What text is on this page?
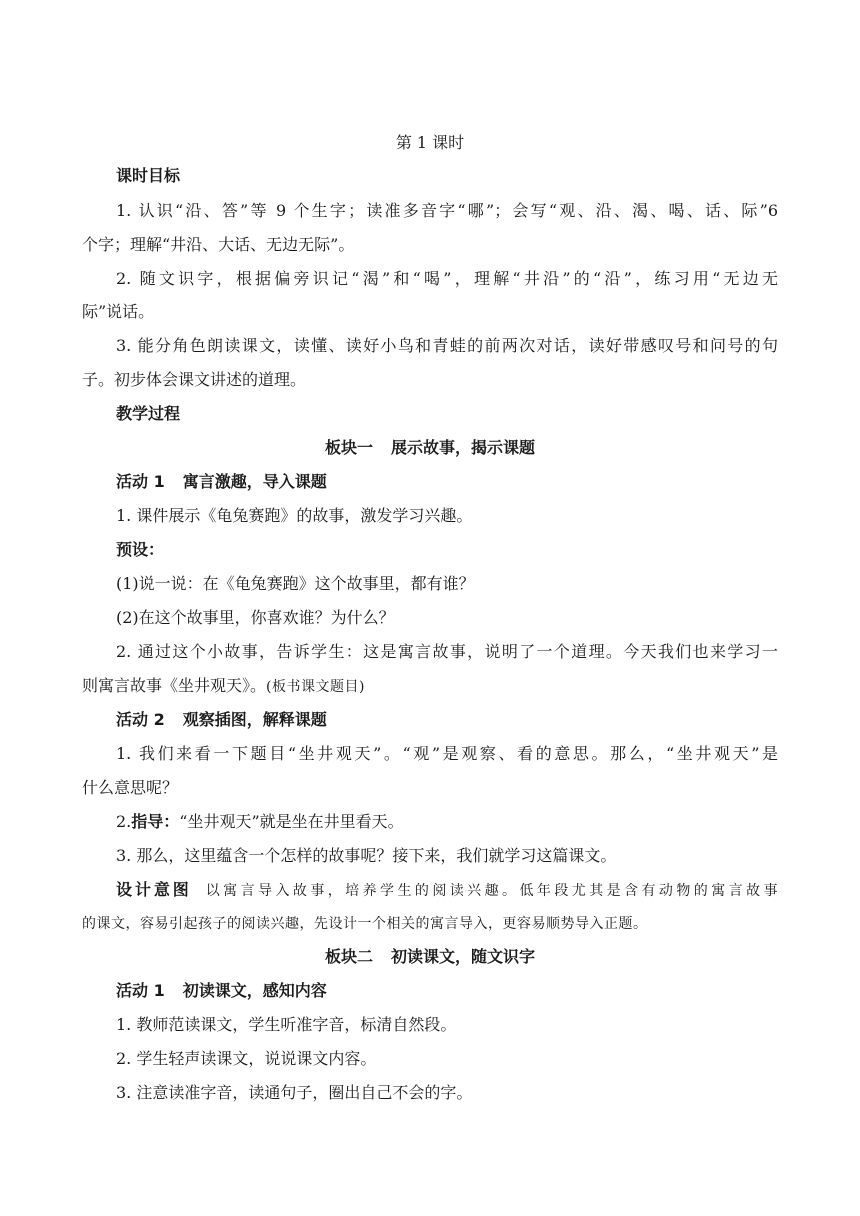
第 1 课时
课时目标
1. 认识“沿、答”等 9 个生字；读准多音字“哪”；会写“观、沿、渴、喝、话、际”6
个字；理解“井沿、大话、无边无际”。
2. 随文识字，根据偏旁识记“渴”和“喝”，理解“井沿”的“沿”，练习用“无边无
际”说话。
3. 能分角色朗读课文，读懂、读好小鸟和青蛙的前两次对话，读好带感叹号和问号的句
子。初步体会课文讲述的道理。
教学过程
板块一 展示故事，揭示课题
活动 1 寓言激趣，导入课题
1. 课件展示《龟兔赛跑》的故事，激发学习兴趣。
预设：
(1)说一说：在《龟兔赛跑》这个故事里，都有谁？
(2)在这个故事里，你喜欢谁？为什么？
2. 通过这个小故事，告诉学生：这是寓言故事，说明了一个道理。今天我们也来学习一
则寓言故事《坐井观天》。(板书课文题目)
活动 2 观察插图，解释课题
1. 我们来看一下题目“坐井观天”。“观”是观察、看的意思。那么，“坐井观天”是
什么意思呢？
2.指导：“坐井观天”就是坐在井里看天。
3. 那么，这里蕴含一个怎样的故事呢？接下来，我们就学习这篇课文。
设计意图 以寓言导入故事，培养学生的阅读兴趣。低年段尤其是含有动物的寓言故事
的课文，容易引起孩子的阅读兴趣，先设计一个相关的寓言导入，更容易顺势导入正题。
板块二 初读课文，随文识字
活动 1 初读课文，感知内容
1. 教师范读课文，学生听准字音，标清自然段。
2. 学生轻声读课文，说说课文内容。
3. 注意读准字音，读通句子，圈出自己不会的字。
